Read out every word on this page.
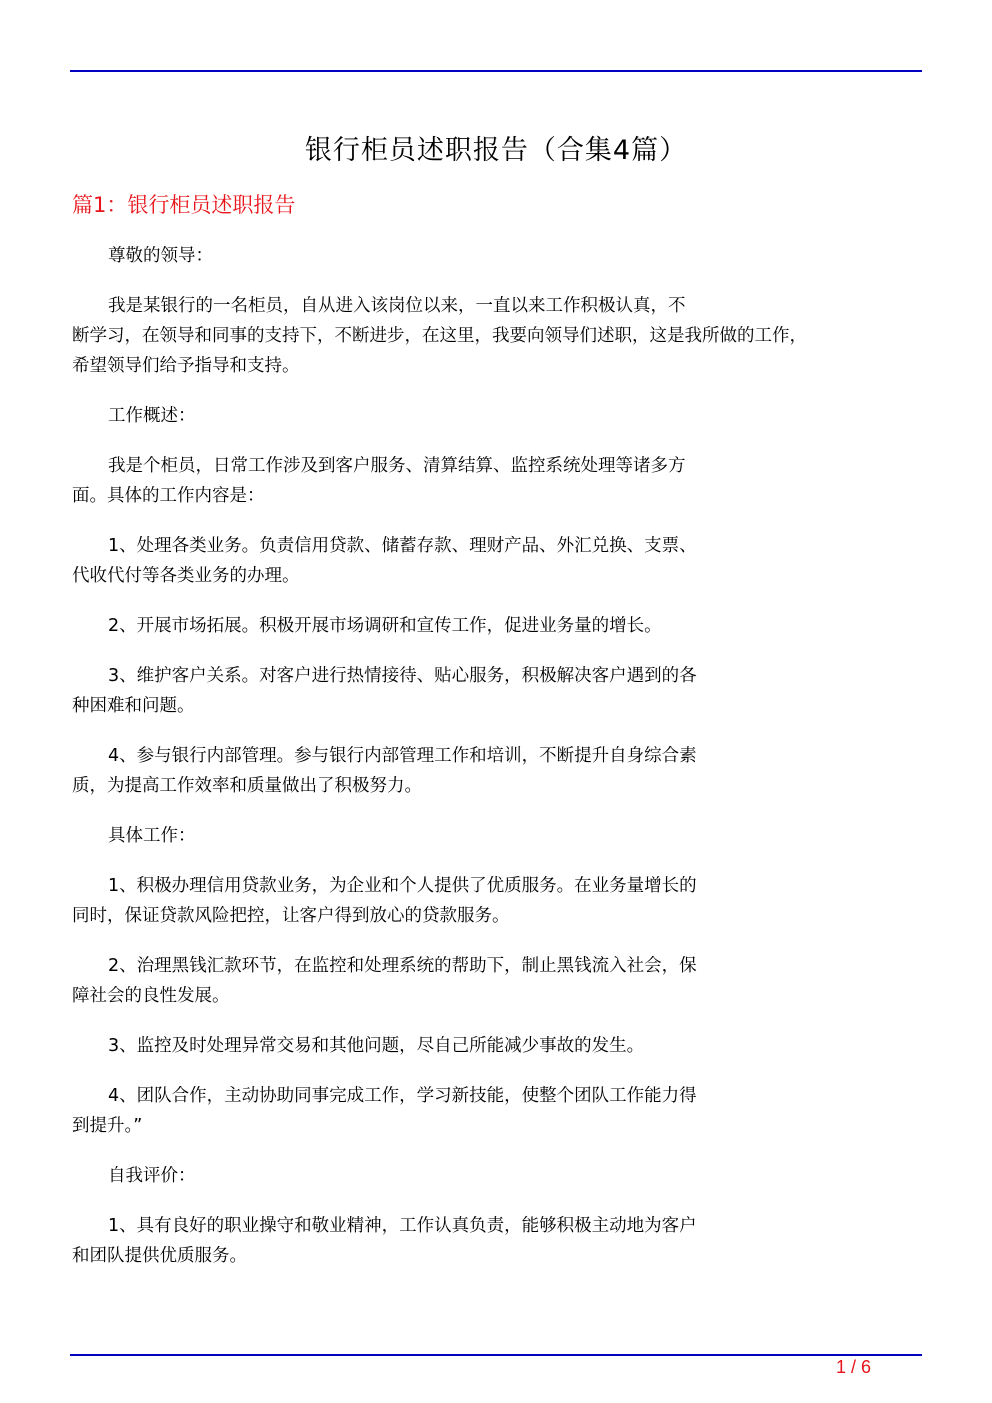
银行柜员述职报告（合集4篇）
篇1：银行柜员述职报告
尊敬的领导：
我是某银行的一名柜员，自从进入该岗位以来，一直以来工作积极认真，不
断学习，在领导和同事的支持下，不断进步，在这里，我要向领导们述职，这是我所做的工作，
希望领导们给予指导和支持。
工作概述：
我是个柜员，日常工作涉及到客户服务、清算结算、监控系统处理等诸多方
面。具体的工作内容是：
1、处理各类业务。负责信用贷款、储蓄存款、理财产品、外汇兑换、支票、
代收代付等各类业务的办理。
2、开展市场拓展。积极开展市场调研和宣传工作，促进业务量的增长。
3、维护客户关系。对客户进行热情接待、贴心服务，积极解决客户遇到的各
种困难和问题。
4、参与银行内部管理。参与银行内部管理工作和培训，不断提升自身综合素
质，为提高工作效率和质量做出了积极努力。
具体工作：
1、积极办理信用贷款业务，为企业和个人提供了优质服务。在业务量增长的
同时，保证贷款风险把控，让客户得到放心的贷款服务。
2、治理黑钱汇款环节，在监控和处理系统的帮助下，制止黑钱流入社会，保
障社会的良性发展。
3、监控及时处理异常交易和其他问题，尽自己所能减少事故的发生。
4、团队合作，主动协助同事完成工作，学习新技能，使整个团队工作能力得
到提升。”
自我评价：
1、具有良好的职业操守和敬业精神，工作认真负责，能够积极主动地为客户
和团队提供优质服务。
1 / 6
